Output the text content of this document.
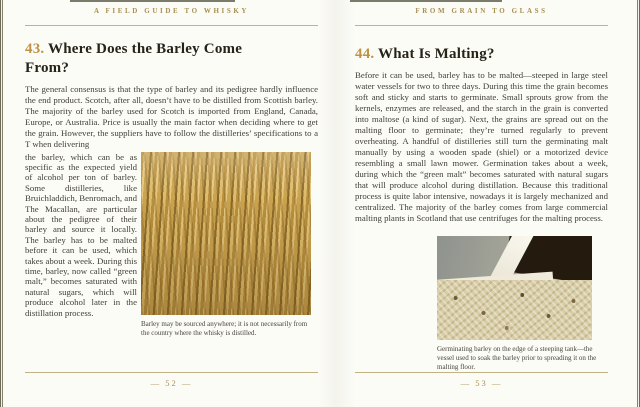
A FIELD GUIDE TO WHISKY
43. Where Does the Barley Come From?

The general consensus is that the type of barley and its pedigree hardly influence the end product. Scotch, after all, doesn’t have to be distilled from Scottish barley. The majority of the barley used for Scotch is imported from England, Canada, Europe, or Australia. Price is usually the main factor when deciding where to get the grain. However, the suppliers have to follow the distilleries’ specifications to a T when delivering

the barley, which can be as specific as the expected yield of alcohol per ton of barley. Some distilleries, like Bruichladdich, Benromach, and The Macallan, are particular about the pedigree of their barley and source it locally. The barley has to be malted before it can be used, which takes about a week. During this time, barley, now called “green malt,” becomes saturated with natural sugars, which will produce alcohol later in the distillation process.

Barley may be sourced anywhere; it is not necessarily from the country where the whisky is distilled.

— 52 —
FROM GRAIN TO GLASS
44. What Is Malting?

Before it can be used, barley has to be malted—steeped in large steel water vessels for two to three days. During this time the grain becomes soft and sticky and starts to germinate. Small sprouts grow from the kernels, enzymes are released, and the starch in the grain is converted into maltose (a kind of sugar). Next, the grains are spread out on the malting floor to germinate; they’re turned regularly to prevent overheating. A handful of distilleries still turn the germinating malt manually by using a wooden spade (shiel) or a motorized device resembling a small lawn mower. Germination takes about a week, during which the “green malt” becomes saturated with natural sugars that will produce alcohol during distillation. Because this traditional process is quite labor intensive, nowadays it is largely mechanized and centralized. The majority of the barley comes from large commercial malting plants in Scotland that use centrifuges for the malting process.

Germinating barley on the edge of a steeping tank—the vessel used to soak the barley prior to spreading it on the malting floor.

— 53 —
